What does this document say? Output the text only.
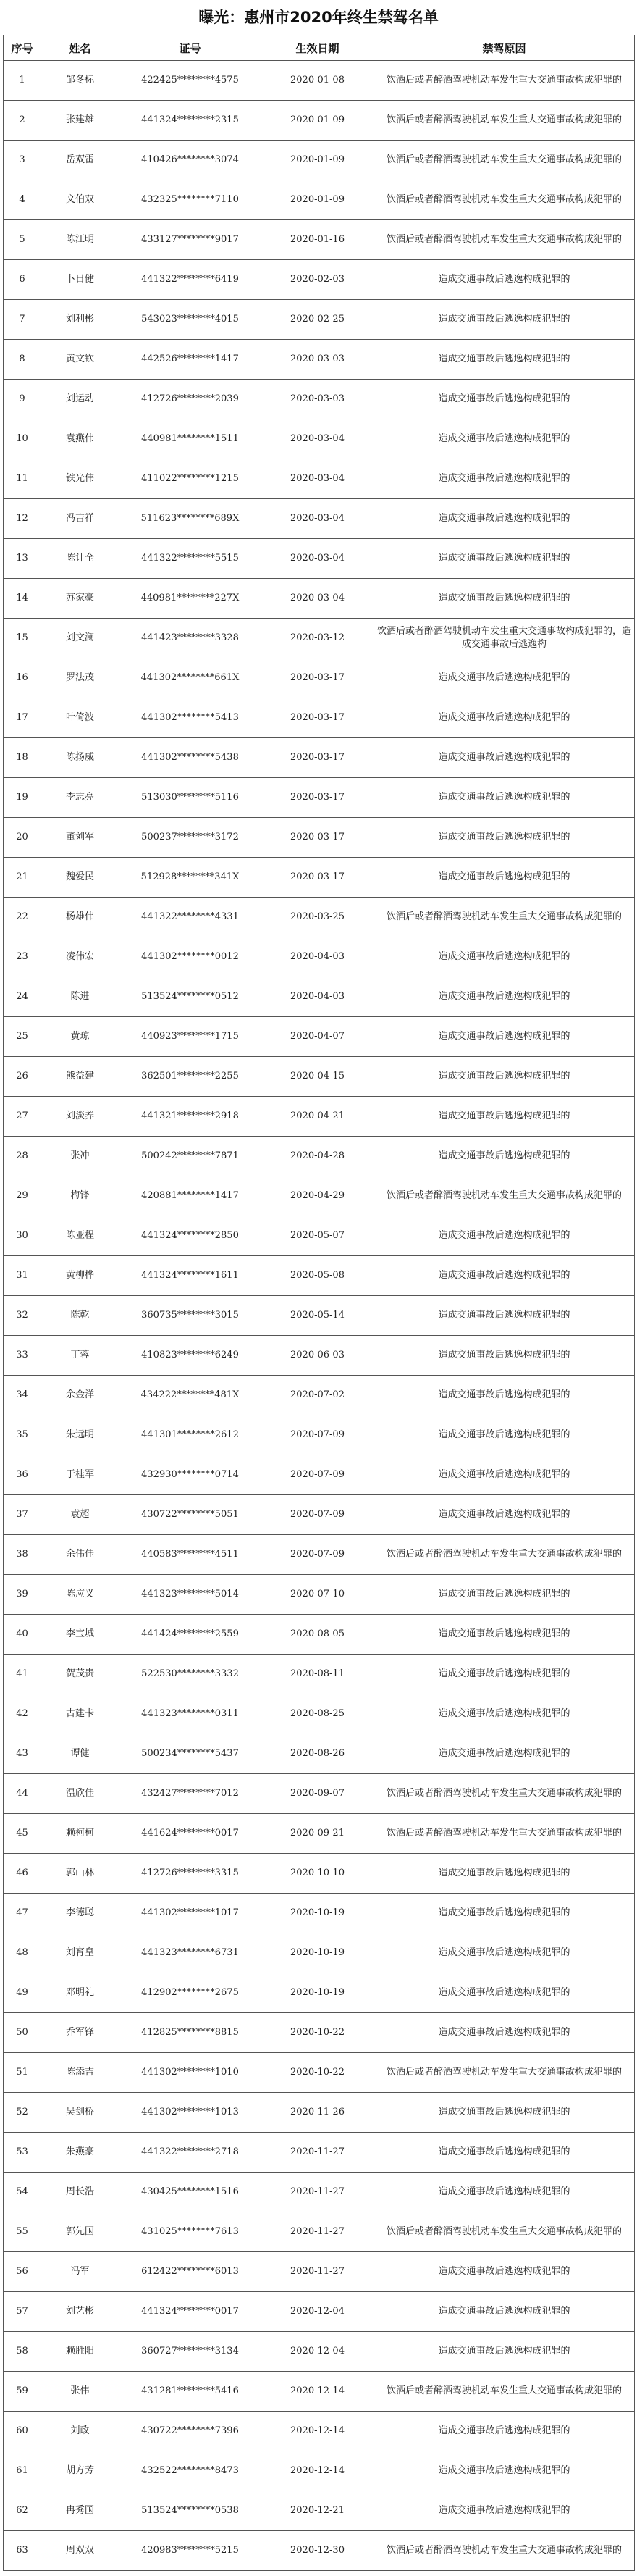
曝光：惠州市2020年终生禁驾名单
序号	姓名	证号	生效日期	禁驾原因
1	邹冬标	422425********4575	2020-01-08	饮酒后或者醉酒驾驶机动车发生重大交通事故构成犯罪的
2	张建雄	441324********2315	2020-01-09	饮酒后或者醉酒驾驶机动车发生重大交通事故构成犯罪的
3	岳双雷	410426********3074	2020-01-09	饮酒后或者醉酒驾驶机动车发生重大交通事故构成犯罪的
4	文伯双	432325********7110	2020-01-09	饮酒后或者醉酒驾驶机动车发生重大交通事故构成犯罪的
5	陈江明	433127********9017	2020-01-16	饮酒后或者醉酒驾驶机动车发生重大交通事故构成犯罪的
6	卜日健	441322********6419	2020-02-03	造成交通事故后逃逸构成犯罪的
7	刘利彬	543023********4015	2020-02-25	造成交通事故后逃逸构成犯罪的
8	黄文钦	442526********1417	2020-03-03	造成交通事故后逃逸构成犯罪的
9	刘运动	412726********2039	2020-03-03	造成交通事故后逃逸构成犯罪的
10	袁燕伟	440981********1511	2020-03-04	造成交通事故后逃逸构成犯罪的
11	铁光伟	411022********1215	2020-03-04	造成交通事故后逃逸构成犯罪的
12	冯吉祥	511623********689X	2020-03-04	造成交通事故后逃逸构成犯罪的
13	陈计全	441322********5515	2020-03-04	造成交通事故后逃逸构成犯罪的
14	苏家豪	440981********227X	2020-03-04	造成交通事故后逃逸构成犯罪的
15	刘文澜	441423********3328	2020-03-12	饮酒后或者醉酒驾驶机动车发生重大交通事故构成犯罪的，造成交通事故后逃逸构
16	罗法茂	441302********661X	2020-03-17	造成交通事故后逃逸构成犯罪的
17	叶倚波	441302********5413	2020-03-17	造成交通事故后逃逸构成犯罪的
18	陈扬威	441302********5438	2020-03-17	造成交通事故后逃逸构成犯罪的
19	李志亮	513030********5116	2020-03-17	造成交通事故后逃逸构成犯罪的
20	董刘军	500237********3172	2020-03-17	造成交通事故后逃逸构成犯罪的
21	魏爱民	512928********341X	2020-03-17	造成交通事故后逃逸构成犯罪的
22	杨雄伟	441322********4331	2020-03-25	饮酒后或者醉酒驾驶机动车发生重大交通事故构成犯罪的
23	凌伟宏	441302********0012	2020-04-03	造成交通事故后逃逸构成犯罪的
24	陈进	513524********0512	2020-04-03	造成交通事故后逃逸构成犯罪的
25	黄琼	440923********1715	2020-04-07	造成交通事故后逃逸构成犯罪的
26	熊益建	362501********2255	2020-04-15	造成交通事故后逃逸构成犯罪的
27	刘淡养	441321********2918	2020-04-21	造成交通事故后逃逸构成犯罪的
28	张冲	500242********7871	2020-04-28	造成交通事故后逃逸构成犯罪的
29	梅锋	420881********1417	2020-04-29	饮酒后或者醉酒驾驶机动车发生重大交通事故构成犯罪的
30	陈亚程	441324********2850	2020-05-07	造成交通事故后逃逸构成犯罪的
31	黄柳桦	441324********1611	2020-05-08	造成交通事故后逃逸构成犯罪的
32	陈乾	360735********3015	2020-05-14	造成交通事故后逃逸构成犯罪的
33	丁蓉	410823********6249	2020-06-03	造成交通事故后逃逸构成犯罪的
34	余金洋	434222********481X	2020-07-02	造成交通事故后逃逸构成犯罪的
35	朱远明	441301********2612	2020-07-09	造成交通事故后逃逸构成犯罪的
36	于桂军	432930********0714	2020-07-09	造成交通事故后逃逸构成犯罪的
37	袁超	430722********5051	2020-07-09	造成交通事故后逃逸构成犯罪的
38	余伟佳	440583********4511	2020-07-09	饮酒后或者醉酒驾驶机动车发生重大交通事故构成犯罪的
39	陈应义	441323********5014	2020-07-10	造成交通事故后逃逸构成犯罪的
40	李宝城	441424********2559	2020-08-05	造成交通事故后逃逸构成犯罪的
41	贺茂贵	522530********3332	2020-08-11	造成交通事故后逃逸构成犯罪的
42	古建卡	441323********0311	2020-08-25	造成交通事故后逃逸构成犯罪的
43	谭健	500234********5437	2020-08-26	造成交通事故后逃逸构成犯罪的
44	温欣佳	432427********7012	2020-09-07	饮酒后或者醉酒驾驶机动车发生重大交通事故构成犯罪的
45	赖柯柯	441624********0017	2020-09-21	饮酒后或者醉酒驾驶机动车发生重大交通事故构成犯罪的
46	郭山林	412726********3315	2020-10-10	造成交通事故后逃逸构成犯罪的
47	李德聪	441302********1017	2020-10-19	造成交通事故后逃逸构成犯罪的
48	刘育皇	441323********6731	2020-10-19	造成交通事故后逃逸构成犯罪的
49	邓明礼	412902********2675	2020-10-19	造成交通事故后逃逸构成犯罪的
50	乔军锋	412825********8815	2020-10-22	造成交通事故后逃逸构成犯罪的
51	陈添吉	441302********1010	2020-10-22	饮酒后或者醉酒驾驶机动车发生重大交通事故构成犯罪的
52	吴剑桥	441302********1013	2020-11-26	造成交通事故后逃逸构成犯罪的
53	朱燕豪	441322********2718	2020-11-27	造成交通事故后逃逸构成犯罪的
54	周长浩	430425********1516	2020-11-27	造成交通事故后逃逸构成犯罪的
55	郭先国	431025********7613	2020-11-27	饮酒后或者醉酒驾驶机动车发生重大交通事故构成犯罪的
56	冯军	612422********6013	2020-11-27	造成交通事故后逃逸构成犯罪的
57	刘艺彬	441324********0017	2020-12-04	造成交通事故后逃逸构成犯罪的
58	赖胜阳	360727********3134	2020-12-04	造成交通事故后逃逸构成犯罪的
59	张伟	431281********5416	2020-12-14	饮酒后或者醉酒驾驶机动车发生重大交通事故构成犯罪的
60	刘政	430722********7396	2020-12-14	造成交通事故后逃逸构成犯罪的
61	胡方芳	432522********8473	2020-12-14	造成交通事故后逃逸构成犯罪的
62	冉秀国	513524********0538	2020-12-21	造成交通事故后逃逸构成犯罪的
63	周双双	420983********5215	2020-12-30	饮酒后或者醉酒驾驶机动车发生重大交通事故构成犯罪的
